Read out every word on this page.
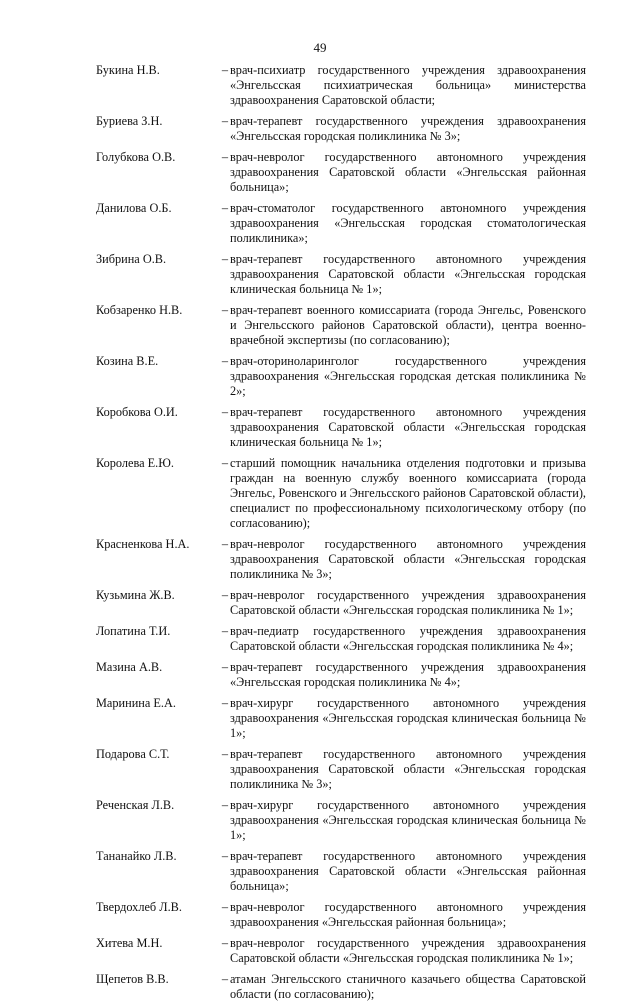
49
Букина Н.В.	– врач-психиатр государственного учреждения здравоохранения «Энгельсская психиатрическая больница» министерства здравоохранения Саратовской области;
Буриева З.Н.	– врач-терапевт государственного учреждения здравоохранения «Энгельсская городская поликлиника № 3»;
Голубкова О.В.	– врач-невролог государственного автономного учреждения здравоохранения Саратовской области «Энгельсская районная больница»;
Данилова О.Б.	– врач-стоматолог государственного автономного учреждения здравоохранения «Энгельсская городская стоматологическая поликлиника»;
Зибрина О.В.	– врач-терапевт государственного автономного учреждения здравоохранения Саратовской области «Энгельсская городская клиническая больница № 1»;
Кобзаренко Н.В.	– врач-терапевт военного комиссариата (города Энгельс, Ровенского и Энгельсского районов Саратовской области), центра военно-врачебной экспертизы (по согласованию);
Козина В.Е.	– врач-оториноларинголог государственного учреждения здравоохранения «Энгельсская городская детская поликлиника № 2»;
Коробкова О.И.	– врач-терапевт государственного автономного учреждения здравоохранения Саратовской области «Энгельсская городская клиническая больница № 1»;
Королева Е.Ю.	– старший помощник начальника отделения подготовки и призыва граждан на военную службу военного комиссариата (города Энгельс, Ровенского и Энгельсского районов Саратовской области), специалист по профессиональному психологическому отбору (по согласованию);
Красненкова Н.А.	– врач-невролог государственного автономного учреждения здравоохранения Саратовской области «Энгельсская городская поликлиника № 3»;
Кузьмина Ж.В.	– врач-невролог государственного учреждения здравоохранения Саратовской области «Энгельсская городская поликлиника № 1»;
Лопатина Т.И.	– врач-педиатр государственного учреждения здравоохранения Саратовской области «Энгельсская городская поликлиника № 4»;
Мазина А.В.	– врач-терапевт государственного учреждения здравоохранения «Энгельсская городская поликлиника № 4»;
Маринина Е.А.	– врач-хирург государственного автономного учреждения здравоохранения «Энгельсская городская клиническая больница № 1»;
Подарова С.Т.	– врач-терапевт государственного автономного учреждения здравоохранения Саратовской области «Энгельсская городская поликлиника № 3»;
Реченская Л.В.	– врач-хирург государственного автономного учреждения здравоохранения «Энгельсская городская клиническая больница № 1»;
Тананайко Л.В.	– врач-терапевт государственного автономного учреждения здравоохранения Саратовской области «Энгельсская районная больница»;
Твердохлеб Л.В.	– врач-невролог государственного автономного учреждения здравоохранения «Энгельсская районная больница»;
Хитева М.Н.	– врач-невролог государственного учреждения здравоохранения Саратовской области «Энгельсская городская поликлиника № 1»;
Щепетов В.В.	– атаман Энгельсского станичного казачьего общества Саратовской области (по согласованию);
